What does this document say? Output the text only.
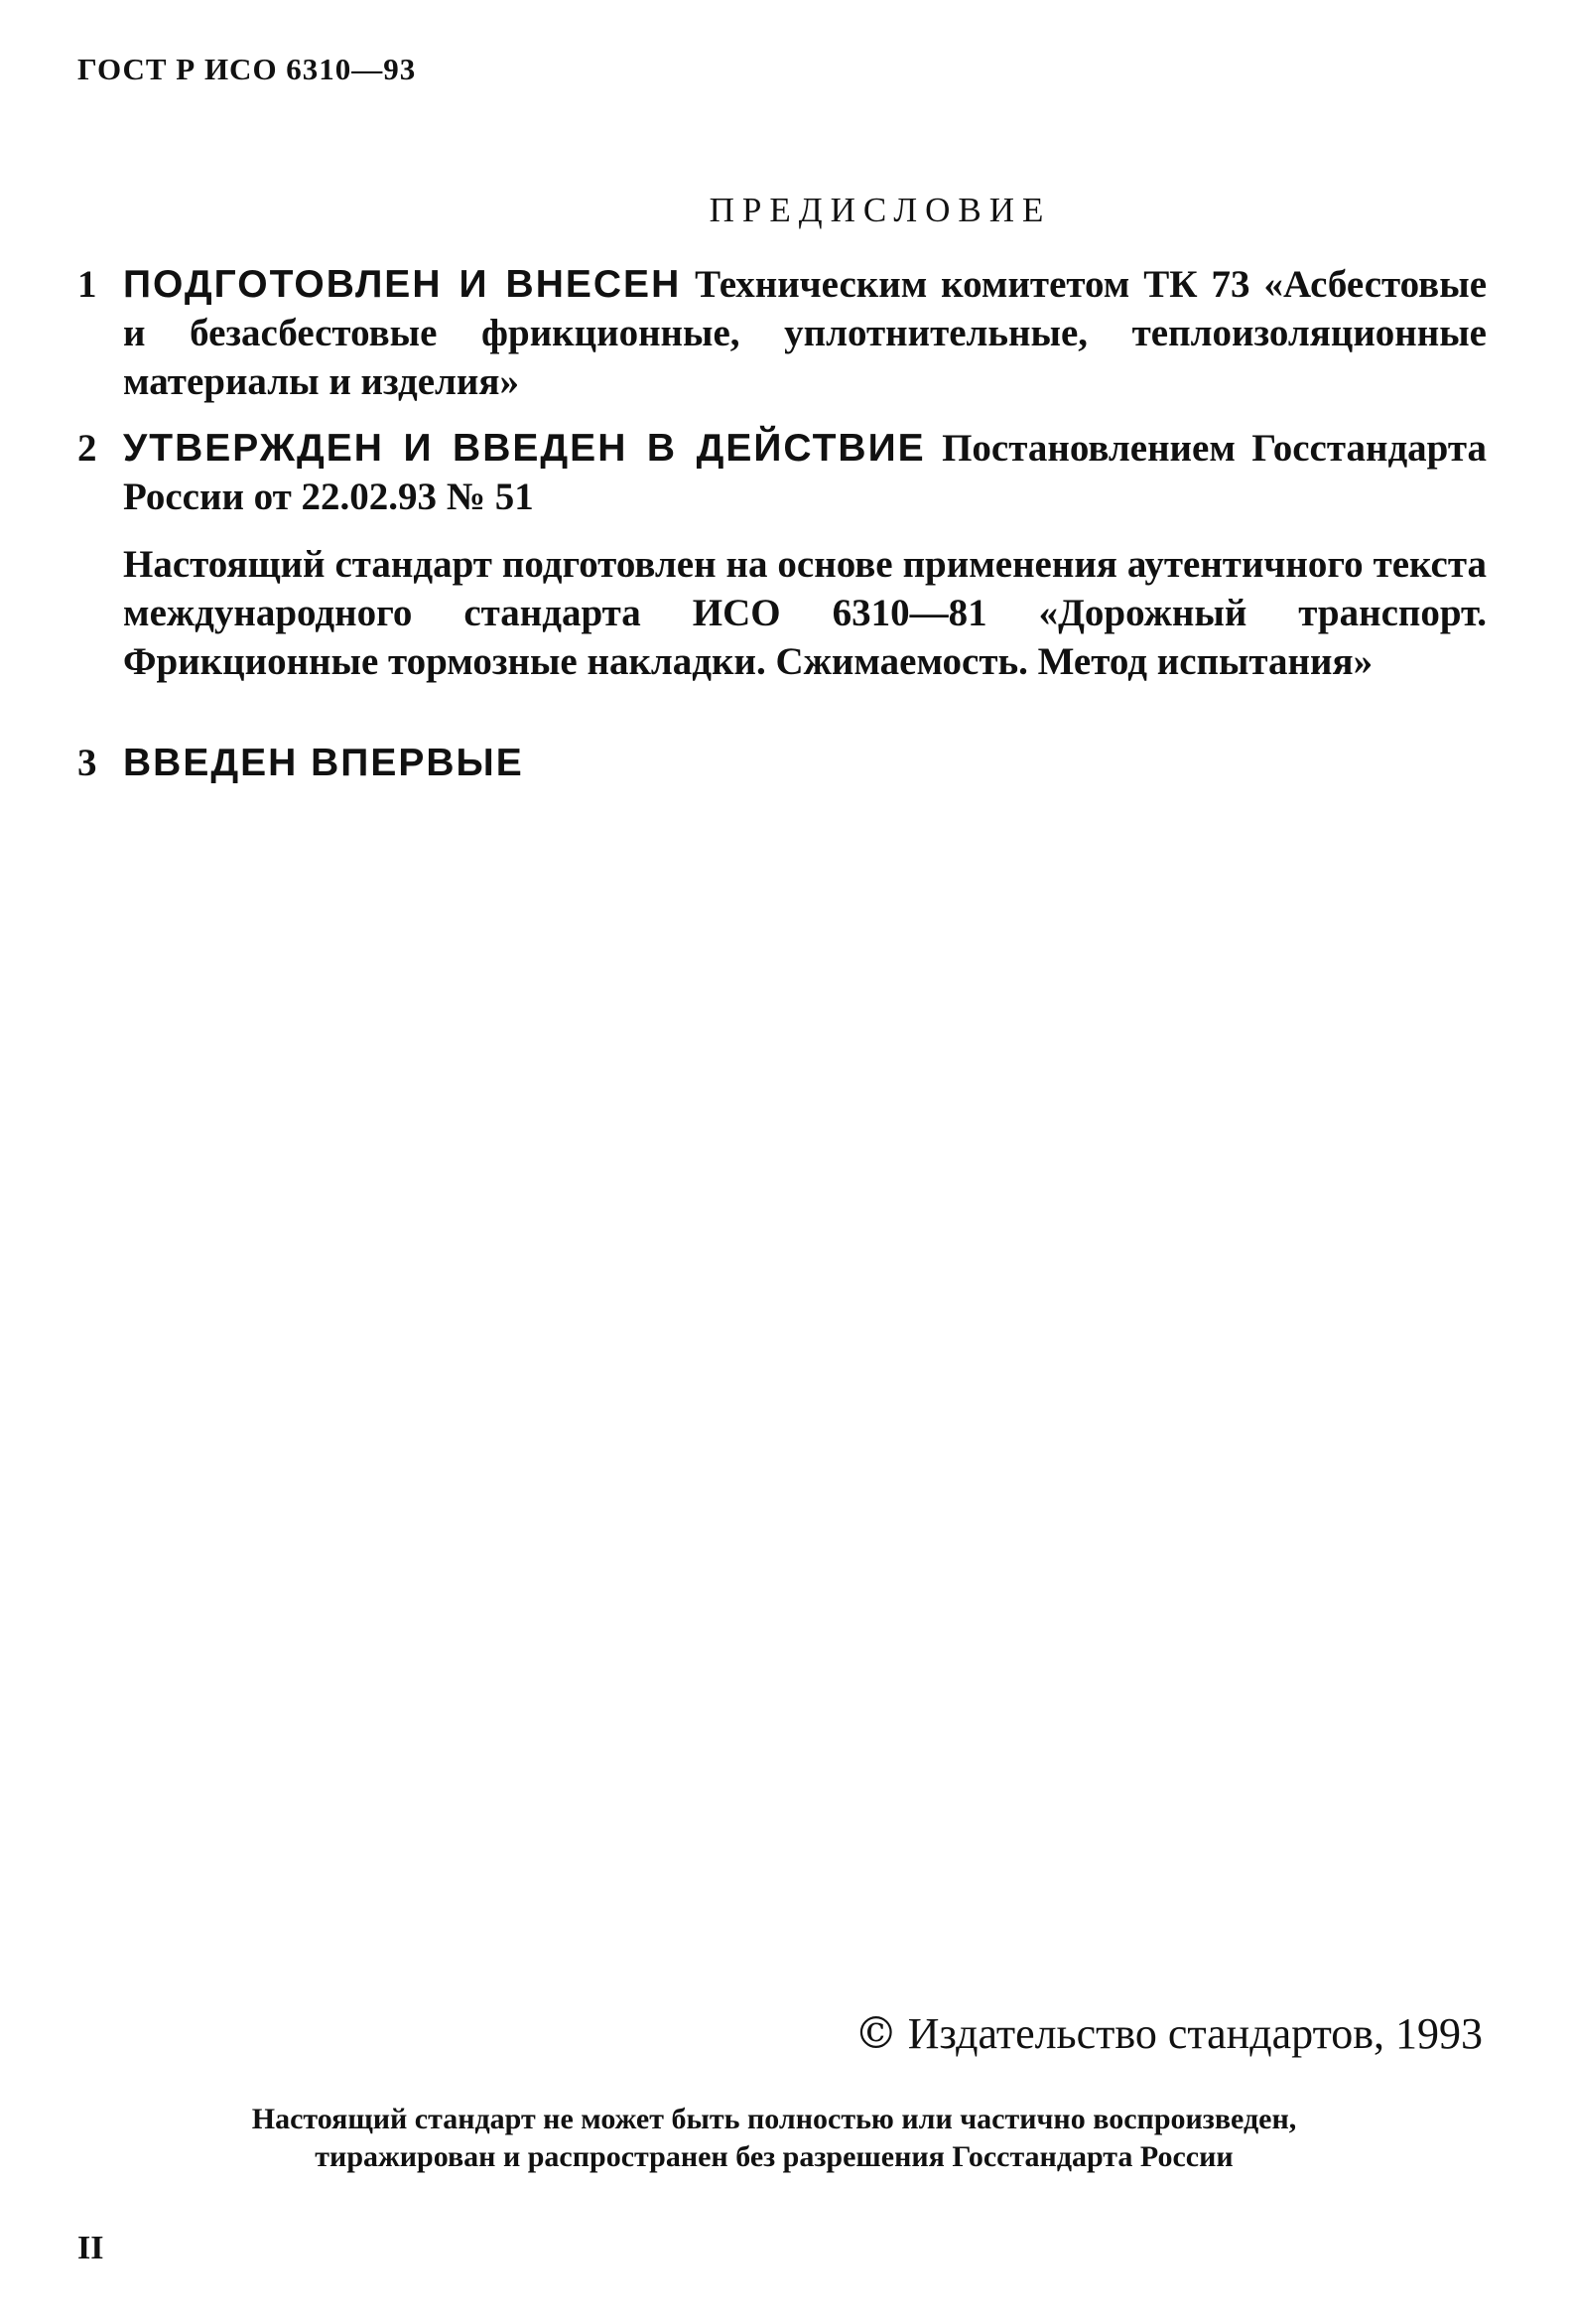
ГОСТ Р ИСО 6310—93
ПРЕДИСЛОВИЕ
1 ПОДГОТОВЛЕН И ВНЕСЕН Техническим комитетом ТК 73 «Асбестовые и безасбестовые фрикционные, уплотнительные, теплоизоляционные материалы и изделия»
2 УТВЕРЖДЕН И ВВЕДЕН В ДЕЙСТВИЕ Постановлением Госстандарта России от 22.02.93 № 51
Настоящий стандарт подготовлен на основе применения аутентичного текста международного стандарта ИСО 6310—81 «Дорожный транспорт. Фрикционные тормозные накладки. Сжимаемость. Метод испытания»
3 ВВЕДЕН ВПЕРВЫЕ
© Издательство стандартов, 1993
Настоящий стандарт не может быть полностью или частично воспроизведен,
тиражирован и распространен без разрешения Госстандарта России
II
